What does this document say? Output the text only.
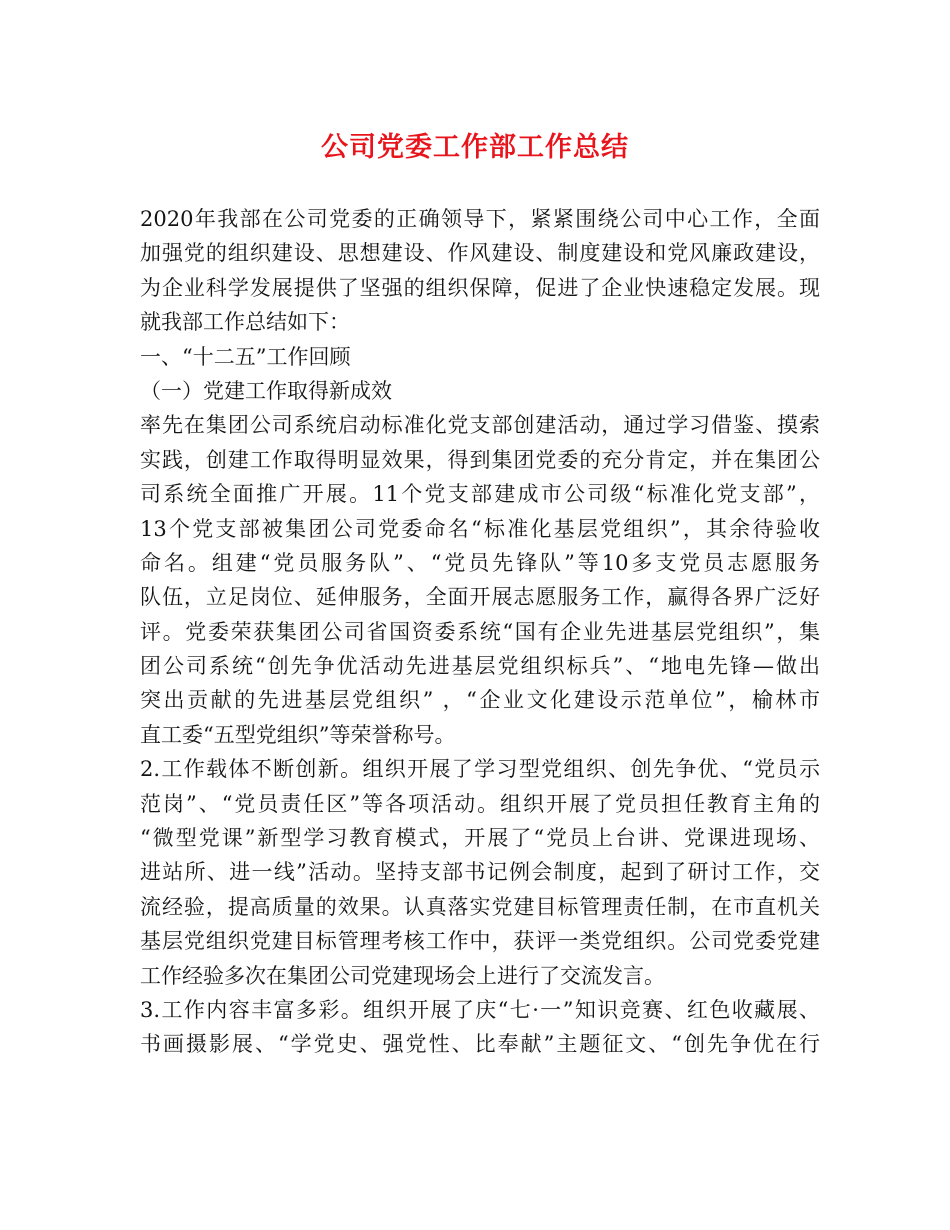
公司党委工作部工作总结
2020年我部在公司党委的正确领导下，紧紧围绕公司中心工作，全面
加强党的组织建设、思想建设、作风建设、制度建设和党风廉政建设，
为企业科学发展提供了坚强的组织保障，促进了企业快速稳定发展。现
就我部工作总结如下：
一、“十二五”工作回顾
（一）党建工作取得新成效
率先在集团公司系统启动标准化党支部创建活动，通过学习借鉴、摸索
实践，创建工作取得明显效果，得到集团党委的充分肯定，并在集团公
司系统全面推广开展。11个党支部建成市公司级“标准化党支部”，
13个党支部被集团公司党委命名“标准化基层党组织”，其余待验收
命名。组建“党员服务队”、“党员先锋队”等10多支党员志愿服务
队伍，立足岗位、延伸服务，全面开展志愿服务工作，赢得各界广泛好
评。党委荣获集团公司省国资委系统“国有企业先进基层党组织”，集
团公司系统“创先争优活动先进基层党组织标兵”、“地电先锋—做出
突出贡献的先进基层党组织” ，“企业文化建设示范单位”，榆林市
直工委“五型党组织”等荣誉称号。
2.工作载体不断创新。组织开展了学习型党组织、创先争优、“党员示
范岗”、“党员责任区”等各项活动。组织开展了党员担任教育主角的
“微型党课”新型学习教育模式，开展了“党员上台讲、党课进现场、
进站所、进一线”活动。坚持支部书记例会制度，起到了研讨工作，交
流经验，提高质量的效果。认真落实党建目标管理责任制，在市直机关
基层党组织党建目标管理考核工作中，获评一类党组织。公司党委党建
工作经验多次在集团公司党建现场会上进行了交流发言。
3.工作内容丰富多彩。组织开展了庆“七·一”知识竞赛、红色收藏展、
书画摄影展、“学党史、强党性、比奉献”主题征文、“创先争优在行
